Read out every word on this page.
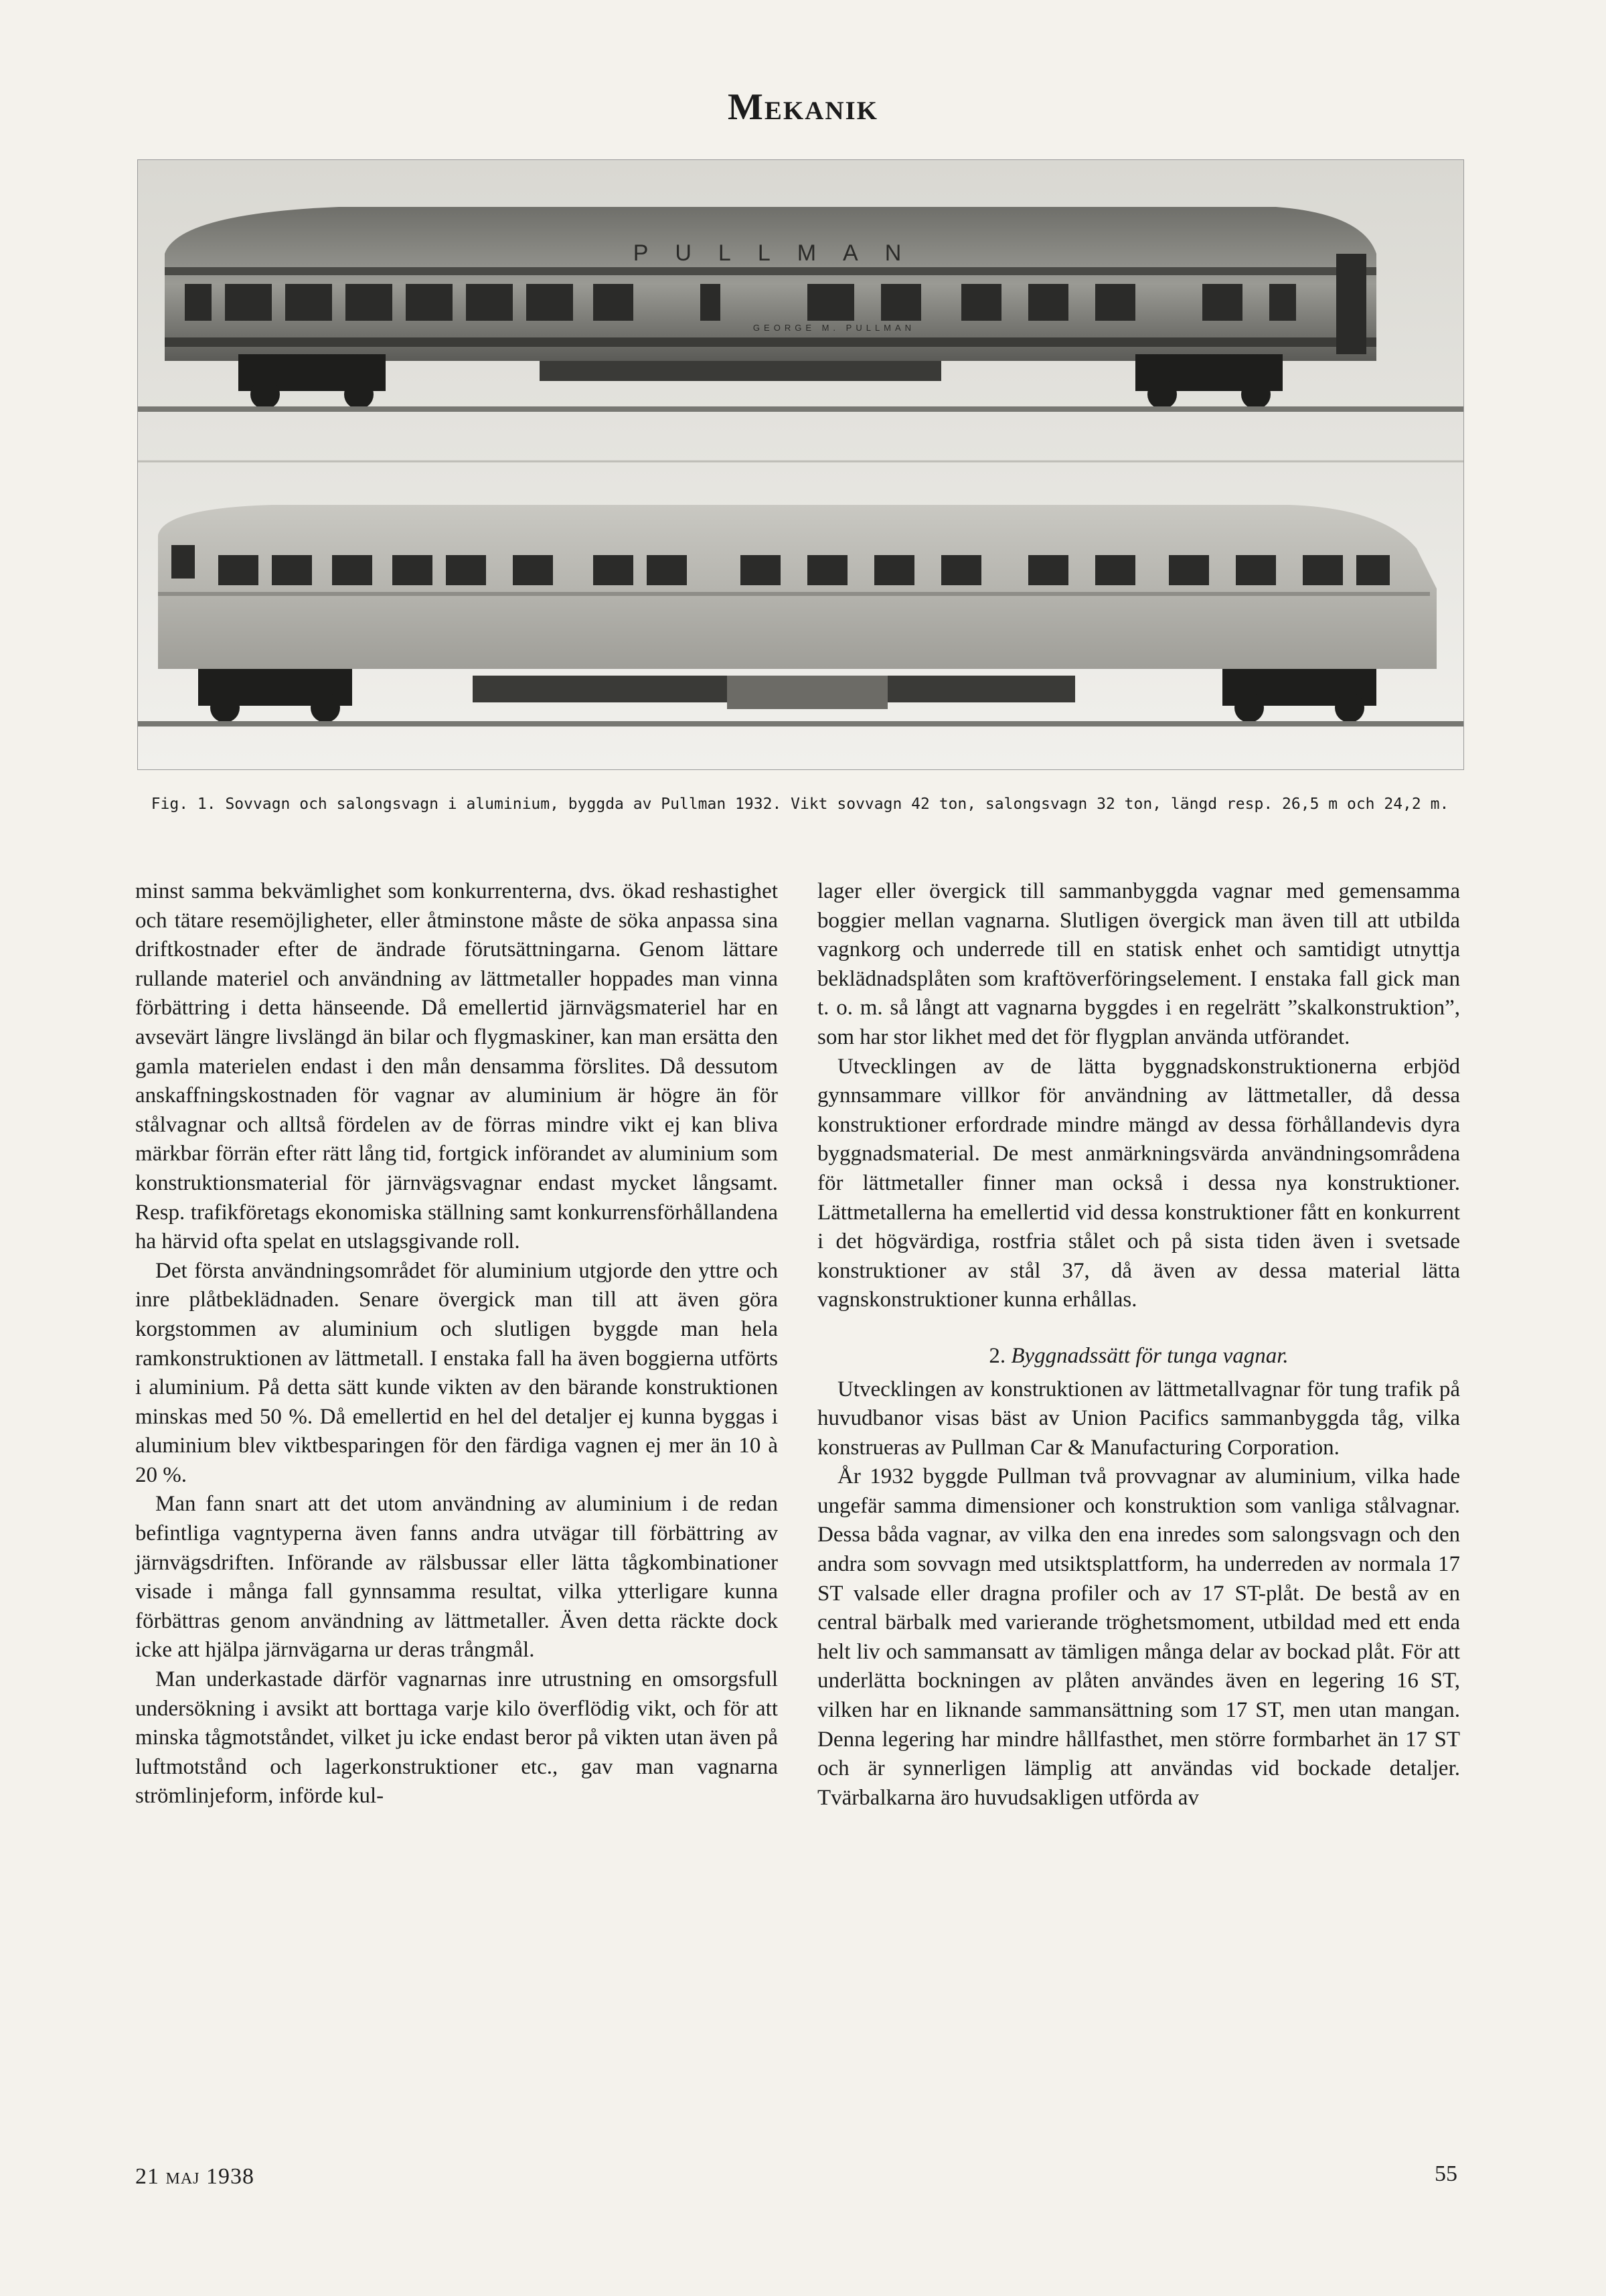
Mekanik
PULLMAN
GEORGE M. PULLMAN
Fig. 1. Sovvagn och salongsvagn i aluminium, byggda av Pullman 1932. Vikt sovvagn 42 ton, salongsvagn 32 ton, längd resp. 26,5 m och 24,2 m.

minst samma bekvämlighet som konkurrenterna, dvs. ökad reshastighet och tätare resemöjligheter, eller åtminstone måste de söka anpassa sina driftkostnader efter de ändrade förutsättningarna. Genom lättare rullande materiel och användning av lättmetaller hoppades man vinna förbättring i detta hänseende. Då emellertid järnvägsmateriel har en avsevärt längre livslängd än bilar och flygmaskiner, kan man ersätta den gamla materielen endast i den mån densamma förslites. Då dessutom anskaffningskostnaden för vagnar av aluminium är högre än för stålvagnar och alltså fördelen av de förras mindre vikt ej kan bliva märkbar förrän efter rätt lång tid, fortgick införandet av aluminium som konstruktionsmaterial för järnvägsvagnar endast mycket långsamt. Resp. trafikföretags ekonomiska ställning samt konkurrensförhållandena ha härvid ofta spelat en utslagsgivande roll.

Det första användningsområdet för aluminium utgjorde den yttre och inre plåtbeklädnaden. Senare övergick man till att även göra korgstommen av aluminium och slutligen byggde man hela ramkonstruktionen av lättmetall. I enstaka fall ha även boggierna utförts i aluminium. På detta sätt kunde vikten av den bärande konstruktionen minskas med 50 %. Då emellertid en hel del detaljer ej kunna byggas i aluminium blev viktbesparingen för den färdiga vagnen ej mer än 10 à 20 %.

Man fann snart att det utom användning av aluminium i de redan befintliga vagntyperna även fanns andra utvägar till förbättring av järnvägsdriften. Införande av rälsbussar eller lätta tågkombinationer visade i många fall gynnsamma resultat, vilka ytterligare kunna förbättras genom användning av lättmetaller. Även detta räckte dock icke att hjälpa järnvägarna ur deras trångmål.

Man underkastade därför vagnarnas inre utrustning en omsorgsfull undersökning i avsikt att borttaga varje kilo överflödig vikt, och för att minska tågmotståndet, vilket ju icke endast beror på vikten utan även på luftmotstånd och lagerkonstruktioner etc., gav man vagnarna strömlinjeform, införde kul-

lager eller övergick till sammanbyggda vagnar med gemensamma boggier mellan vagnarna. Slutligen övergick man även till att utbilda vagnkorg och underrede till en statisk enhet och samtidigt utnyttja beklädnadsplåten som kraftöverföringselement. I enstaka fall gick man t. o. m. så långt att vagnarna byggdes i en regelrätt ”skalkonstruktion”, som har stor likhet med det för flygplan använda utförandet.

Utvecklingen av de lätta byggnadskonstruktionerna erbjöd gynnsammare villkor för användning av lättmetaller, då dessa konstruktioner erfordrade mindre mängd av dessa förhållandevis dyra byggnadsmaterial. De mest anmärkningsvärda användningsområdena för lättmetaller finner man också i dessa nya konstruktioner. Lättmetallerna ha emellertid vid dessa konstruktioner fått en konkurrent i det högvärdiga, rostfria stålet och på sista tiden även i svetsade konstruktioner av stål 37, då även av dessa material lätta vagnskonstruktioner kunna erhållas.

2. Byggnadssätt för tunga vagnar.

Utvecklingen av konstruktionen av lättmetallvagnar för tung trafik på huvudbanor visas bäst av Union Pacifics sammanbyggda tåg, vilka konstrueras av Pullman Car & Manufacturing Corporation.

År 1932 byggde Pullman två provvagnar av aluminium, vilka hade ungefär samma dimensioner och konstruktion som vanliga stålvagnar. Dessa båda vagnar, av vilka den ena inredes som salongsvagn och den andra som sovvagn med utsiktsplattform, ha underreden av normala 17 ST valsade eller dragna profiler och av 17 ST-plåt. De bestå av en central bärbalk med varierande tröghetsmoment, utbildad med ett enda helt liv och sammansatt av tämligen många delar av bockad plåt. För att underlätta bockningen av plåten användes även en legering 16 ST, vilken har en liknande sammansättning som 17 ST, men utan mangan. Denna legering har mindre hållfasthet, men större formbarhet än 17 ST och är synnerligen lämplig att användas vid bockade detaljer. Tvärbalkarna äro huvudsakligen utförda av

21 maj 1938	55
